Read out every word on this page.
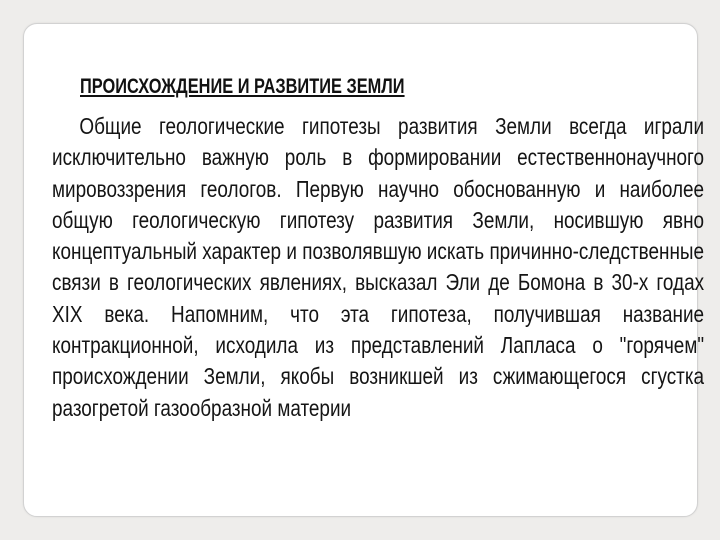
ПРОИСХОЖДЕНИЕ И РАЗВИТИЕ ЗЕМЛИ

Общие геологические гипотезы развития Земли всегда играли исключительно важную роль в формировании естественнонаучного мировоззрения геологов. Первую научно обоснованную и наиболее общую геологическую гипотезу развития Земли, носившую явно концептуальный характер и позволявшую искать причинно-следственные связи в геологических явлениях, высказал Эли де Бомона в 30-х годах XIX века. Напомним, что эта гипотеза, получившая название контракционной, исходила из представлений Лапласа о "горячем" происхождении Земли, якобы возникшей из сжимающегося сгустка разогретой газообразной материи
